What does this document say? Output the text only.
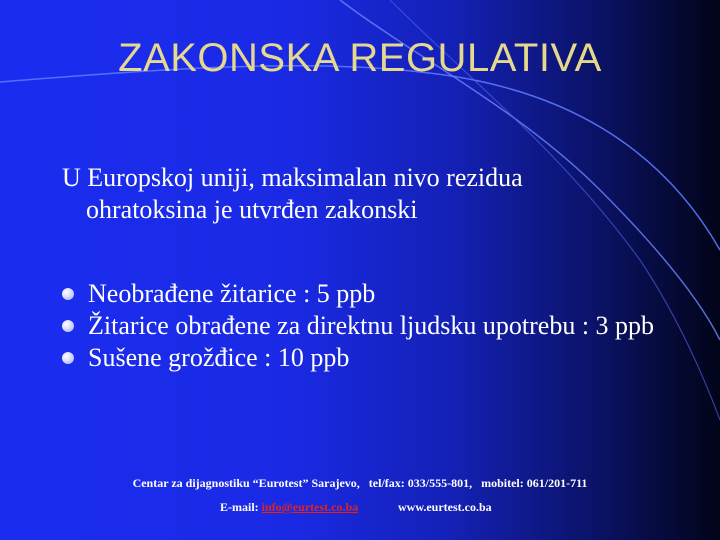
ZAKONSKA REGULATIVA
U Europskoj uniji, maksimalan nivo rezidua ohratoksina je utvrđen zakonski
Neobrađene žitarice : 5 ppb
Žitarice obrađene za direktnu ljudsku upotrebu : 3 ppb
Sušene grožđice : 10 ppb
Centar za dijagnostiku “Eurotest” Sarajevo,   tel/fax: 033/555-801,   mobitel: 061/201-711
E-mail: info@eurtest.co.ba	www.eurtest.co.ba
